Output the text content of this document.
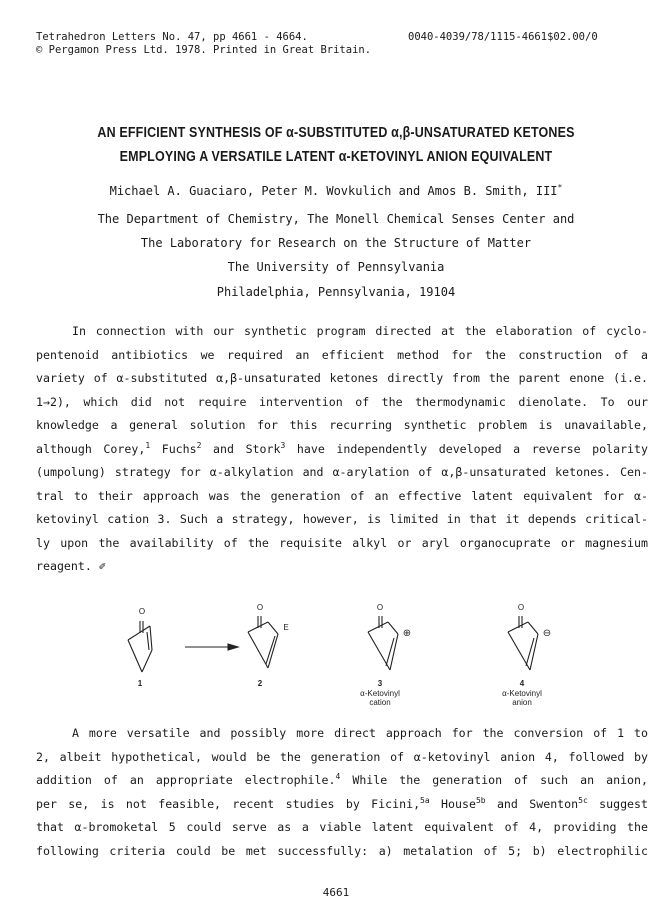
Tetrahedron Letters No. 47, pp 4661 - 4664.
© Pergamon Press Ltd. 1978. Printed in Great Britain.
0040-4039/78/1115-4661$02.00/0
AN EFFICIENT SYNTHESIS OF α-SUBSTITUTED α,β-UNSATURATED KETONES
EMPLOYING A VERSATILE LATENT α-KETOVINYL ANION EQUIVALENT
Michael A. Guaciaro, Peter M. Wovkulich and Amos B. Smith, III*
The Department of Chemistry, The Monell Chemical Senses Center and
The Laboratory for Research on the Structure of Matter
The University of Pennsylvania
Philadelphia, Pennsylvania, 19104
In connection with our synthetic program directed at the elaboration of cyclo-
pentenoid antibiotics we required an efficient method for the construction of a
variety of α-substituted α,β-unsaturated ketones directly from the parent enone (i.e.
1→2), which did not require intervention of the thermodynamic dienolate. To our
knowledge a general solution for this recurring synthetic problem is unavailable,
although Corey,$^1$ Fuchs$^2$ and Stork$^3$ have independently developed a reverse polarity
(umpolung) strategy for α-alkylation and α-arylation of α,β-unsaturated ketones. Cen-
tral to their approach was the generation of an effective latent equivalent for α-
ketovinyl cation 3. Such a strategy, however, is limited in that it depends critical-
ly upon the availability of the requisite alkyl or aryl organocuprate or magnesium
reagent. ✐
O	O
E
O
⊕
O
⊖
1	2	3
α-Ketovinyl
cation
4
α-Ketovinyl
anion
A more versatile and possibly more direct approach for the conversion of 1 to
2, albeit hypothetical, would be the generation of α-ketovinyl anion 4, followed by
addition of an appropriate electrophile.$^4$ While the generation of such an anion,
per se, is not feasible, recent studies by Ficini,$^{5a}$ House$^{5b}$ and Swenton$^{5c}$ suggest
that α-bromoketal 5 could serve as a viable latent equivalent of 4, providing the
following criteria could be met successfully: a) metalation of 5; b) electrophilic
4661
